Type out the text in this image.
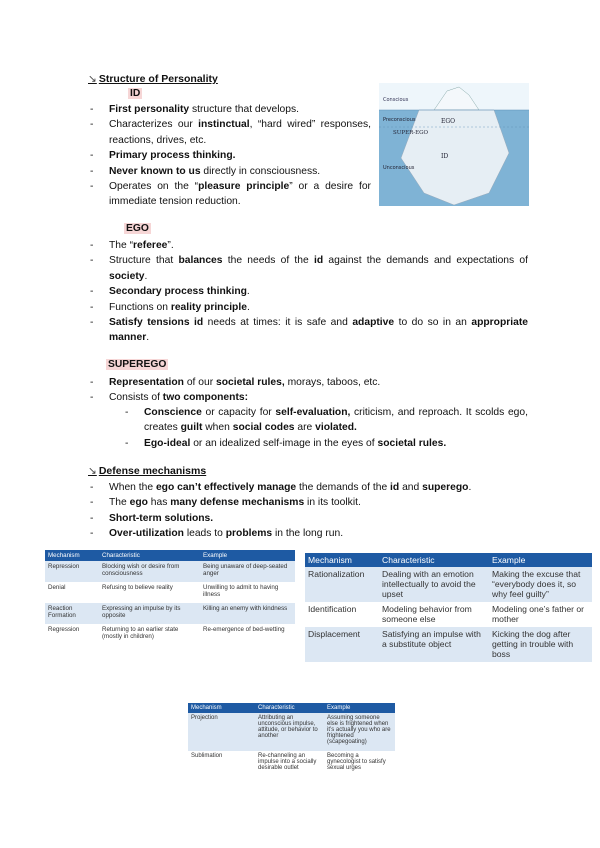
↘ Structure of Personality
ID
- First personality structure that develops.
- Characterizes our instinctual, “hard wired” responses, reactions, drives, etc.
- Primary process thinking.
- Never known to us directly in consciousness.
- Operates on the “pleasure principle” or a desire for immediate tension reduction.
Conscious
Preconscious	EGO
SUPER-EGO
ID
Unconscious
EGO
- The “referee”.
- Structure that balances the needs of the id against the demands and expectations of society.
- Secondary process thinking.
- Functions on reality principle.
- Satisfy tensions id needs at times: it is safe and adaptive to do so in an appropriate manner.
SUPEREGO
- Representation of our societal rules, morays, taboos, etc.
- Consists of two components:
- Conscience or capacity for self-evaluation, criticism, and reproach. It scolds ego, creates guilt when social codes are violated.
- Ego-ideal or an idealized self-image in the eyes of societal rules.
↘ Defense mechanisms
- When the ego can’t effectively manage the demands of the id and superego.
- The ego has many defense mechanisms in its toolkit.
- Short-term solutions.
- Over-utilization leads to problems in the long run.
Mechanism	Characteristic	Example
Repression	Blocking wish or desire from consciousness	Being unaware of deep-seated anger
Denial	Refusing to believe reality	Unwilling to admit to having illness
Reaction Formation	Expressing an impulse by its opposite	Killing an enemy with kindness
Regression	Returning to an earlier state (mostly in children)	Re-emergence of bed-wetting
Mechanism	Characteristic	Example
Rationalization	Dealing with an emotion intellectually to avoid the upset	Making the excuse that “everybody does it, so why feel guilty”
Identification	Modeling behavior from someone else	Modeling one’s father or mother
Displacement	Satisfying an impulse with a substitute object	Kicking the dog after getting in trouble with boss
Mechanism	Characteristic	Example
Projection	Attributing an unconscious impulse, attitude, or behavior to another	Assuming someone else is frightened when it’s actually you who are frightened (scapegoating)
Sublimation	Re-channeling an impulse into a socially desirable outlet	Becoming a gynecologist to satisfy sexual urges
